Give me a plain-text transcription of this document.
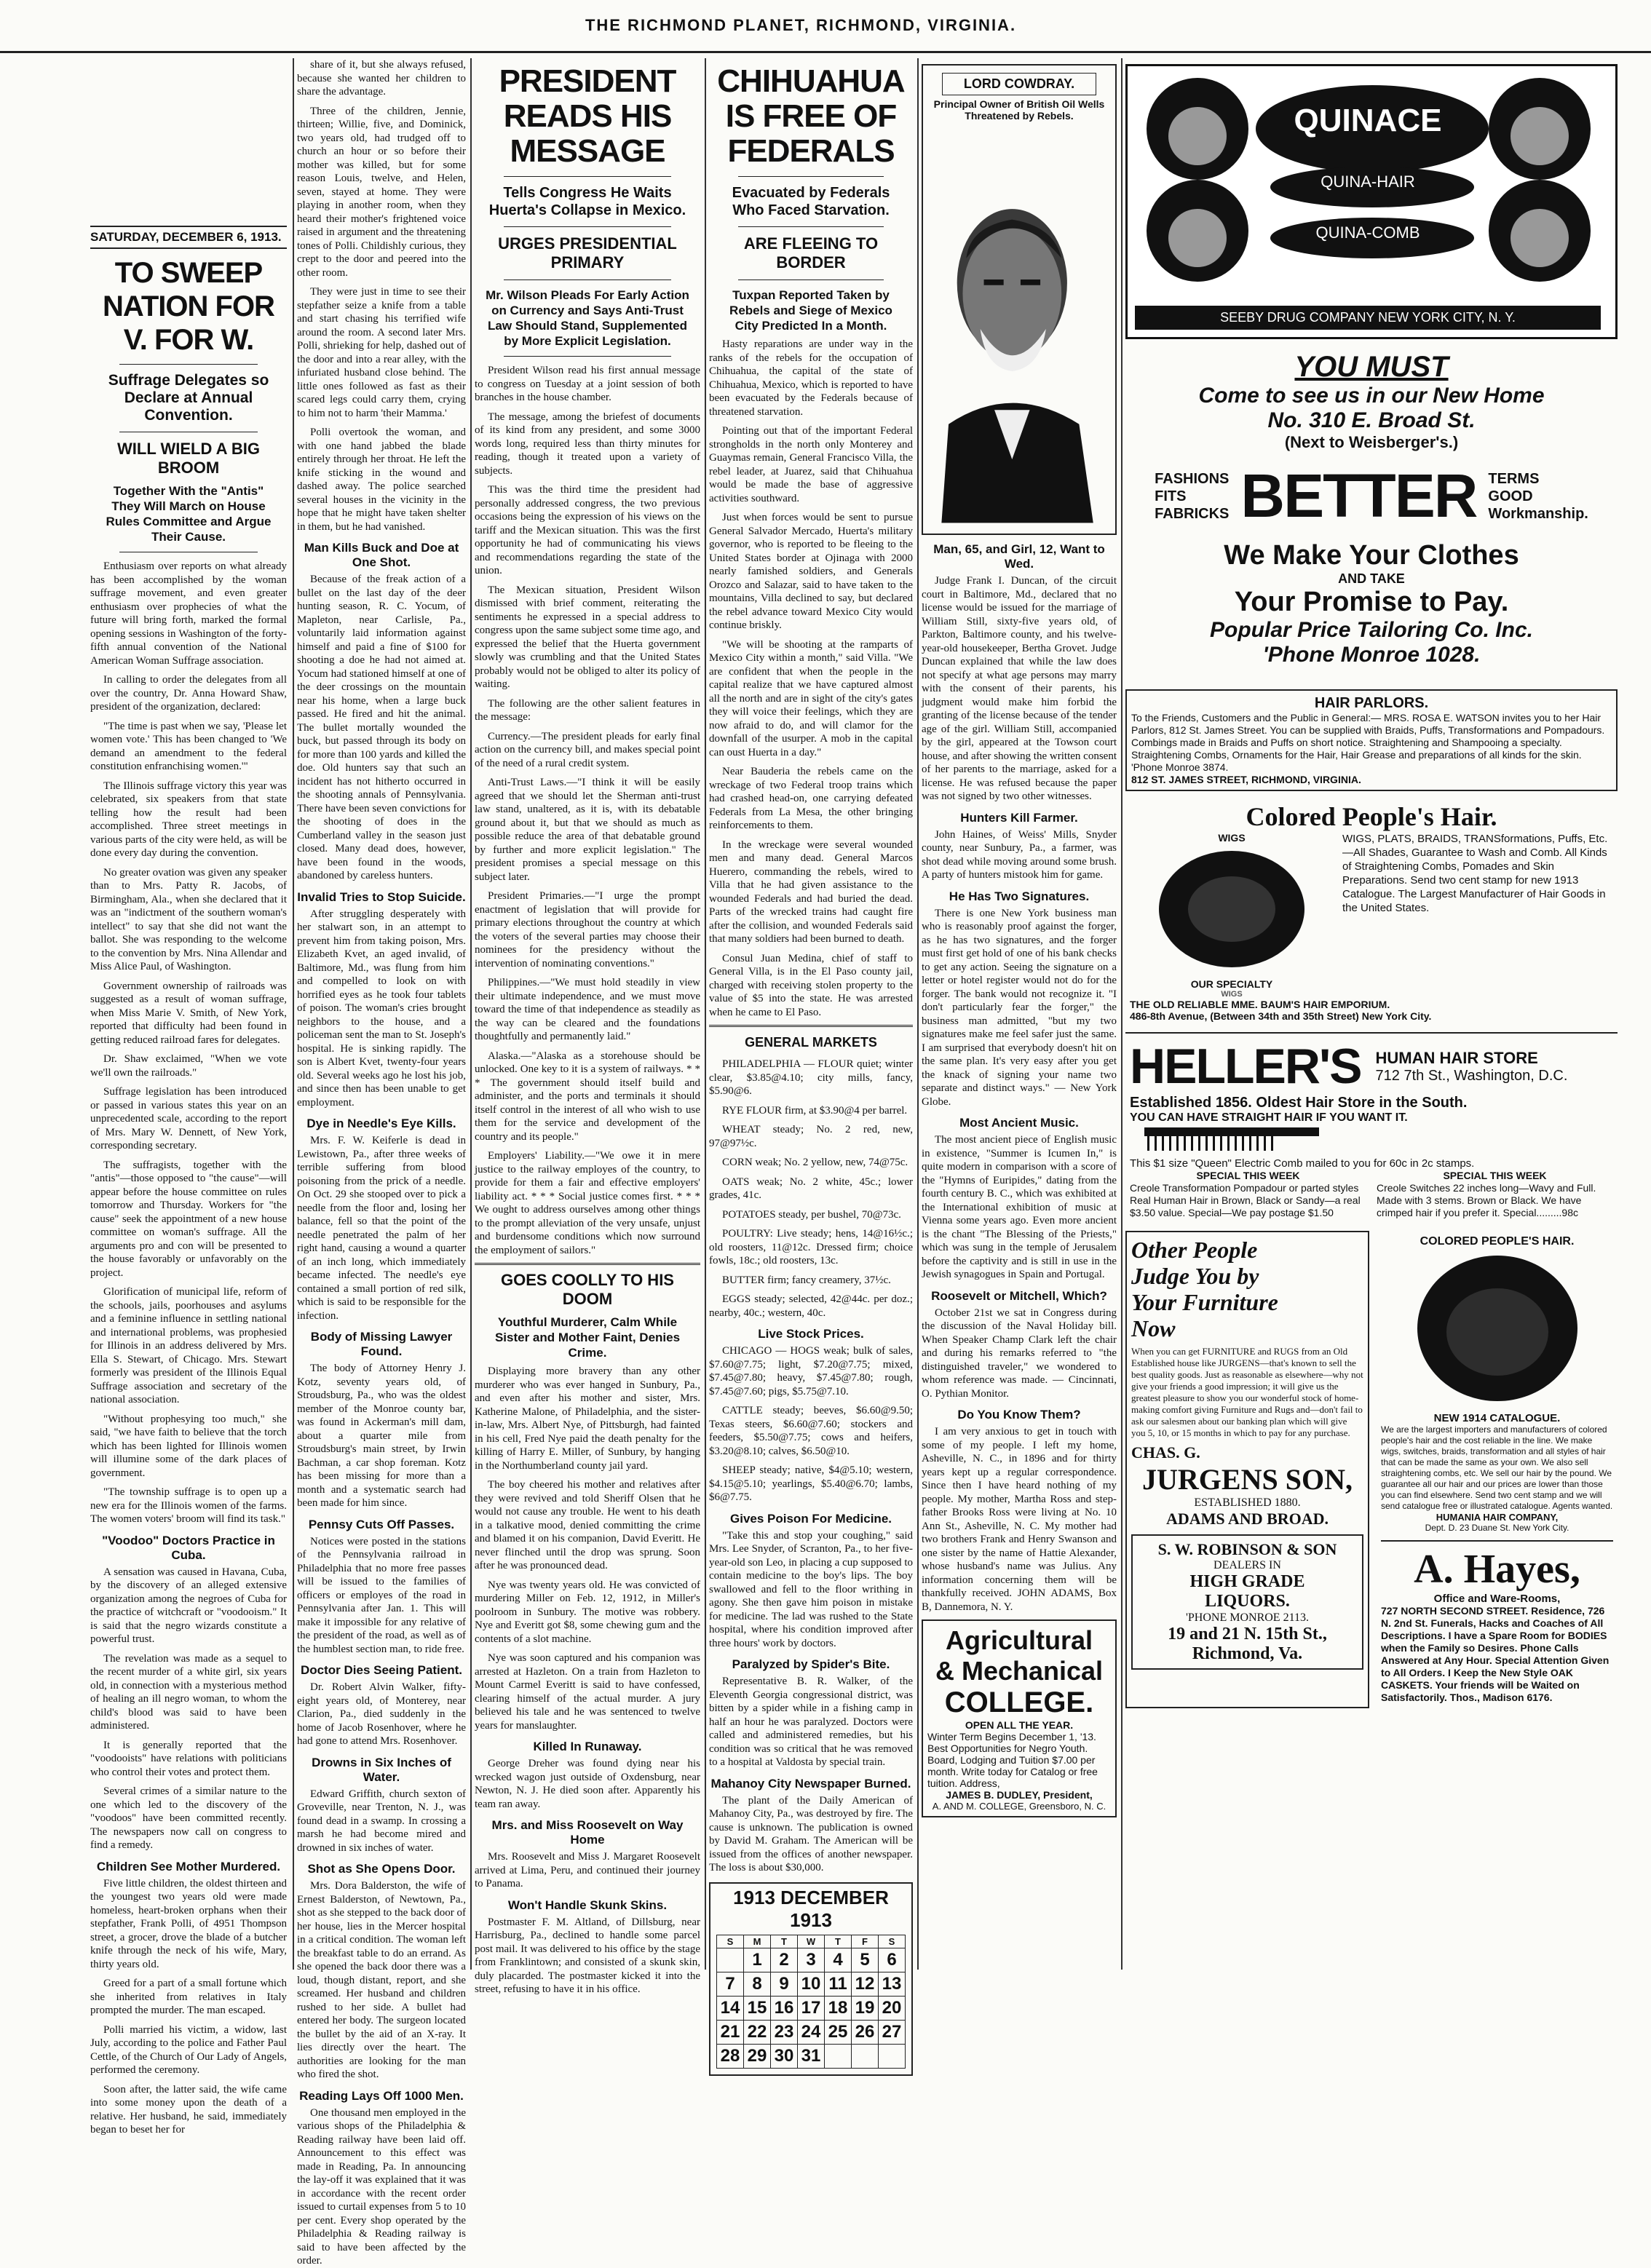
THE RICHMOND PLANET, RICHMOND, VIRGINIA.
SATURDAY, DECEMBER 6, 1913.
TO SWEEP NATION FOR V. FOR W.
Suffrage Delegates so Declare at Annual Convention.
WILL WIELD A BIG BROOM
Together With the "Antis" They Will March on House Rules Committee and Argue Their Cause.

Enthusiasm over reports on what already has been accomplished by the woman suffrage movement, and even greater enthusiasm over prophecies of what the future will bring forth, marked the formal opening sessions in Washington of the forty-fifth annual convention of the National American Woman Suffrage association.

In calling to order the delegates from all over the country, Dr. Anna Howard Shaw, president of the organization, declared:

"The time is past when we say, 'Please let women vote.' This has been changed to 'We demand an amendment to the federal constitution enfranchising women.'"

The Illinois suffrage victory this year was celebrated, six speakers from that state telling how the result had been accomplished. Three street meetings in various parts of the city were held, as will be done every day during the convention.

No greater ovation was given any speaker than to Mrs. Patty R. Jacobs, of Birmingham, Ala., when she declared that it was an "indictment of the southern woman's intellect" to say that she did not want the ballot. She was responding to the welcome to the convention by Mrs. Nina Allendar and Miss Alice Paul, of Washington.

Government ownership of railroads was suggested as a result of woman suffrage, when Miss Marie V. Smith, of New York, reported that difficulty had been found in getting reduced railroad fares for delegates.

Dr. Shaw exclaimed, "When we vote we'll own the railroads."

Suffrage legislation has been introduced or passed in various states this year on an unprecedented scale, according to the report of Mrs. Mary W. Dennett, of New York, corresponding secretary.

The suffragists, together with the "antis"—those opposed to "the cause"—will appear before the house committee on rules tomorrow and Thursday. Workers for "the cause" seek the appointment of a new house committee on woman's suffrage. All the arguments pro and con will be presented to the house favorably or unfavorably on the project.

Glorification of municipal life, reform of the schools, jails, poorhouses and asylums and a feminine influence in settling national and international problems, was prophesied for Illinois in an address delivered by Mrs. Ella S. Stewart, of Chicago. Mrs. Stewart formerly was president of the Illinois Equal Suffrage association and secretary of the national association.

"Without prophesying too much," she said, "we have faith to believe that the torch which has been lighted for Illinois women will illumine some of the dark places of government.

"The township suffrage is to open up a new era for the Illinois women of the farms. The women voters' broom will find its task."

"Voodoo" Doctors Practice in Cuba.

A sensation was caused in Havana, Cuba, by the discovery of an alleged extensive organization among the negroes of Cuba for the practice of witchcraft or "voodooism." It is said that the negro wizards constitute a powerful trust.

The revelation was made as a sequel to the recent murder of a white girl, six years old, in connection with a mysterious method of healing an ill negro woman, to whom the child's blood was said to have been administered.

It is generally reported that the "voodooists" have relations with politicians who control their votes and protect them.

Several crimes of a similar nature to the one which led to the discovery of the "voodoos" have been committed recently. The newspapers now call on congress to find a remedy.

Children See Mother Murdered.

Five little children, the oldest thirteen and the youngest two years old were made homeless, heart-broken orphans when their stepfather, Frank Polli, of 4951 Thompson street, a grocer, drove the blade of a butcher knife through the neck of his wife, Mary, thirty years old.

Greed for a part of a small fortune which she inherited from relatives in Italy prompted the murder. The man escaped.

Polli married his victim, a widow, last July, according to the police and Father Paul Cettle, of the Church of Our Lady of Angels, performed the ceremony.

Soon after, the latter said, the wife came into some money upon the death of a relative. Her husband, he said, immediately began to beset her for

share of it, but she always refused, because she wanted her children to share the advantage.

Three of the children, Jennie, thirteen; Willie, five, and Dominick, two years old, had trudged off to church an hour or so before their mother was killed, but for some reason Louis, twelve, and Helen, seven, stayed at home. They were playing in another room, when they heard their mother's frightened voice raised in argument and the threatening tones of Polli. Childishly curious, they crept to the door and peered into the other room.

They were just in time to see their stepfather seize a knife from a table and start chasing his terrified wife around the room. A second later Mrs. Polli, shrieking for help, dashed out of the door and into a rear alley, with the infuriated husband close behind. The little ones followed as fast as their scared legs could carry them, crying to him not to harm 'their Mamma.'

Polli overtook the woman, and with one hand jabbed the blade entirely through her throat. He left the knife sticking in the wound and dashed away. The police searched several houses in the vicinity in the hope that he might have taken shelter in them, but he had vanished.

Man Kills Buck and Doe at One Shot.

Because of the freak action of a bullet on the last day of the deer hunting season, R. C. Yocum, of Mapleton, near Carlisle, Pa., voluntarily laid information against himself and paid a fine of $100 for shooting a doe he had not aimed at. Yocum had stationed himself at one of the deer crossings on the mountain near his home, when a large buck passed. He fired and hit the animal. The bullet mortally wounded the buck, but passed through its body on for more than 100 yards and killed the doe. Old hunters say that such an incident has not hitherto occurred in the shooting annals of Pennsylvania. There have been seven convictions for the shooting of does in the Cumberland valley in the season just closed. Many dead does, however, have been found in the woods, abandoned by careless hunters.

Invalid Tries to Stop Suicide.

After struggling desperately with her stalwart son, in an attempt to prevent him from taking poison, Mrs. Elizabeth Kvet, an aged invalid, of Baltimore, Md., was flung from him and compelled to look on with horrified eyes as he took four tablets of poison. The woman's cries brought neighbors to the house, and a policeman sent the man to St. Joseph's hospital. He is sinking rapidly. The son is Albert Kvet, twenty-four years old. Several weeks ago he lost his job, and since then has been unable to get employment.

Dye in Needle's Eye Kills.

Mrs. F. W. Keiferle is dead in Lewistown, Pa., after three weeks of terrible suffering from blood poisoning from the prick of a needle. On Oct. 29 she stooped over to pick a needle from the floor and, losing her balance, fell so that the point of the needle penetrated the palm of her right hand, causing a wound a quarter of an inch long, which immediately became infected. The needle's eye contained a small portion of red silk, which is said to be responsible for the infection.

Body of Missing Lawyer Found.

The body of Attorney Henry J. Kotz, seventy years old, of Stroudsburg, Pa., who was the oldest member of the Monroe county bar, was found in Ackerman's mill dam, about a quarter mile from Stroudsburg's main street, by Irwin Bachman, a car shop foreman. Kotz has been missing for more than a month and a systematic search had been made for him since.

Pennsy Cuts Off Passes.

Notices were posted in the stations of the Pennsylvania railroad in Philadelphia that no more free passes will be issued to the families of officers or employes of the road in Pennsylvania after Jan. 1. This will make it impossible for any relative of the president of the road, as well as of the humblest section man, to ride free.

Doctor Dies Seeing Patient.

Dr. Robert Alvin Walker, fifty-eight years old, of Monterey, near Clarion, Pa., died suddenly in the home of Jacob Rosenhover, where he had gone to attend Mrs. Rosenhover.

Drowns in Six Inches of Water.

Edward Griffith, church sexton of Groveville, near Trenton, N. J., was found dead in a swamp. In crossing a marsh he had become mired and drowned in six inches of water.

Shot as She Opens Door.

Mrs. Dora Balderston, the wife of Ernest Balderston, of Newtown, Pa., shot as she stepped to the back door of her house, lies in the Mercer hospital in a critical condition. The woman left the breakfast table to do an errand. As she opened the back door there was a loud, though distant, report, and she screamed. Her husband and children rushed to her side. A bullet had entered her body. The surgeon located the bullet by the aid of an X-ray. It lies directly over the heart. The authorities are looking for the man who fired the shot.

Reading Lays Off 1000 Men.

One thousand men employed in the various shops of the Philadelphia & Reading railway have been laid off. Announcement to this effect was made in Reading, Pa. In announcing the lay-off it was explained that it was in accordance with the recent order issued to curtail expenses from 5 to 10 per cent. Every shop operated by the Philadelphia & Reading railway is said to have been affected by the order.

PRESIDENT READS HIS MESSAGE
Tells Congress He Waits Huerta's Collapse in Mexico.
URGES PRESIDENTIAL PRIMARY
Mr. Wilson Pleads For Early Action on Currency and Says Anti-Trust Law Should Stand, Supplemented by More Explicit Legislation.

President Wilson read his first annual message to congress on Tuesday at a joint session of both branches in the house chamber.

The message, among the briefest of documents of its kind from any president, and some 3000 words long, required less than thirty minutes for reading, though it treated upon a variety of subjects.

This was the third time the president had personally addressed congress, the two previous occasions being the expression of his views on the tariff and the Mexican situation. This was the first opportunity he had of communicating his views and recommendations regarding the state of the union.

The Mexican situation, President Wilson dismissed with brief comment, reiterating the sentiments he expressed in a special address to congress upon the same subject some time ago, and expressed the belief that the Huerta government slowly was crumbling and that the United States probably would not be obliged to alter its policy of waiting.

The following are the other salient features in the message:

Currency.—The president pleads for early final action on the currency bill, and makes special point of the need of a rural credit system.

Anti-Trust Laws.—"I think it will be easily agreed that we should let the Sherman anti-trust law stand, unaltered, as it is, with its debatable ground about it, but that we should as much as possible reduce the area of that debatable ground by further and more explicit legislation." The president promises a special message on this subject later.

President Primaries.—"I urge the prompt enactment of legislation that will provide for primary elections throughout the country at which the voters of the several parties may choose their nominees for the presidency without the intervention of nominating conventions."

Philippines.—"We must hold steadily in view their ultimate independence, and we must move toward the time of that independence as steadily as the way can be cleared and the foundations thoughtfully and permanently laid."

Alaska.—"Alaska as a storehouse should be unlocked. One key to it is a system of railways. * * * The government should itself build and administer, and the ports and terminals it should itself control in the interest of all who wish to use them for the service and development of the country and its people."

Employers' Liability.—"We owe it in mere justice to the railway employes of the country, to provide for them a fair and effective employers' liability act. * * * Social justice comes first. * * * We ought to address ourselves among other things to the prompt alleviation of the very unsafe, unjust and burdensome conditions which now surround the employment of sailors."

GOES COOLLY TO HIS DOOM
Youthful Murderer, Calm While Sister and Mother Faint, Denies Crime.

Displaying more bravery than any other murderer who was ever hanged in Sunbury, Pa., and even after his mother and sister, Mrs. Katherine Malone, of Philadelphia, and the sister-in-law, Mrs. Albert Nye, of Pittsburgh, had fainted in his cell, Fred Nye paid the death penalty for the killing of Harry E. Miller, of Sunbury, by hanging in the Northumberland county jail yard.

The boy cheered his mother and relatives after they were revived and told Sheriff Olsen that he would not cause any trouble. He went to his death in a talkative mood, denied committing the crime and blamed it on his companion, David Everitt. He never flinched until the drop was sprung. Soon after he was pronounced dead.

Nye was twenty years old. He was convicted of murdering Miller on Feb. 12, 1912, in Miller's poolroom in Sunbury. The motive was robbery. Nye and Everitt got $8, some chewing gum and the contents of a slot machine.

Nye was soon captured and his companion was arrested at Hazleton. On a train from Hazleton to Mount Carmel Everitt is said to have confessed, clearing himself of the actual murder. A jury believed his tale and he was sentenced to twelve years for manslaughter.

Killed In Runaway.

George Dreher was found dying near his wrecked wagon just outside of Oxdensburg, near Newton, N. J. He died soon after. Apparently his team ran away.

Mrs. and Miss Roosevelt on Way Home

Mrs. Roosevelt and Miss J. Margaret Roosevelt arrived at Lima, Peru, and continued their journey to Panama.

Won't Handle Skunk Skins.

Postmaster F. M. Altland, of Dillsburg, near Harrisburg, Pa., declined to handle some parcel post mail. It was delivered to his office by the stage from Franklintown; and consisted of a skunk skin, duly placarded. The postmaster kicked it into the street, refusing to have it in his office.

CHIHUAHUA IS FREE OF FEDERALS
Evacuated by Federals Who Faced Starvation.
ARE FLEEING TO BORDER
Tuxpan Reported Taken by Rebels and Siege of Mexico City Predicted In a Month.

Hasty reparations are under way in the ranks of the rebels for the occupation of Chihuahua, the capital of the state of Chihuahua, Mexico, which is reported to have been evacuated by the Federals because of threatened starvation.

Pointing out that of the important Federal strongholds in the north only Monterey and Guaymas remain, General Francisco Villa, the rebel leader, at Juarez, said that Chihuahua would be made the base of aggressive activities southward.

Just when forces would be sent to pursue General Salvador Mercado, Huerta's military governor, who is reported to be fleeing to the United States border at Ojinaga with 2000 nearly famished soldiers, and Generals Orozco and Salazar, said to have taken to the mountains, Villa declined to say, but declared the rebel advance toward Mexico City would continue briskly.

"We will be shooting at the ramparts of Mexico City within a month," said Villa. "We are confident that when the people in the capital realize that we have captured almost all the north and are in sight of the city's gates they will voice their feelings, which they are now afraid to do, and will clamor for the downfall of the usurper. A mob in the capital can oust Huerta in a day."

Near Bauderia the rebels came on the wreckage of two Federal troop trains which had crashed head-on, one carrying defeated Federals from La Mesa, the other bringing reinforcements to them.

In the wreckage were several wounded men and many dead. General Marcos Huerero, commanding the rebels, wired to Villa that he had given assistance to the wounded Federals and had buried the dead. Parts of the wrecked trains had caught fire after the collision, and wounded Federals said that many soldiers had been burned to death.

Consul Juan Medina, chief of staff to General Villa, is in the El Paso county jail, charged with receiving stolen property to the value of $5 into the state. He was arrested when he came to El Paso.

GENERAL MARKETS

PHILADELPHIA — FLOUR quiet; winter clear, $3.85@4.10; city mills, fancy, $5.90@6.

RYE FLOUR firm, at $3.90@4 per barrel.

WHEAT steady; No. 2 red, new, 97@97½c.

CORN weak; No. 2 yellow, new, 74@75c.

OATS weak; No. 2 white, 45c.; lower grades, 41c.

POTATOES steady, per bushel, 70@73c.

POULTRY: Live steady; hens, 14@16½c.; old roosters, 11@12c. Dressed firm; choice fowls, 18c.; old roosters, 13c.

BUTTER firm; fancy creamery, 37½c.

EGGS steady; selected, 42@44c. per doz.; nearby, 40c.; western, 40c.

Live Stock Prices.

CHICAGO — HOGS weak; bulk of sales, $7.60@7.75; light, $7.20@7.75; mixed, $7.45@7.80; heavy, $7.45@7.80; rough, $7.45@7.60; pigs, $5.75@7.10.

CATTLE steady; beeves, $6.60@9.50; Texas steers, $6.60@7.60; stockers and feeders, $5.50@7.75; cows and heifers, $3.20@8.10; calves, $6.50@10.

SHEEP steady; native, $4@5.10; western, $4.15@5.10; yearlings, $5.40@6.70; lambs, $6@7.75.

Gives Poison For Medicine.

"Take this and stop your coughing," said Mrs. Lee Snyder, of Scranton, Pa., to her five-year-old son Leo, in placing a cup supposed to contain medicine to the boy's lips. The boy swallowed and fell to the floor writhing in agony. She then gave him poison in mistake for medicine. The lad was rushed to the State hospital, where his condition improved after three hours' work by doctors.

Paralyzed by Spider's Bite.

Representative B. R. Walker, of the Eleventh Georgia congressional district, was bitten by a spider while in a fishing camp in half an hour he was paralyzed. Doctors were called and administered remedies, but his condition was so critical that he was removed to a hospital at Valdosta by special train.

Mahanoy City Newspaper Burned.

The plant of the Daily American of Mahanoy City, Pa., was destroyed by fire. The cause is unknown. The publication is owned by David M. Graham. The American will be issued from the offices of another newspaper. The loss is about $30,000.

1913 DECEMBER 1913
S	M	T	W	T	F	S
	1	2	3	4	5	6
7	8	9	10	11	12	13
14	15	16	17	18	19	20
21	22	23	24	25	26	27
28	29	30	31			
LORD COWDRAY.
Principal Owner of British Oil Wells Threatened by Rebels.
Man, 65, and Girl, 12, Want to Wed.

Judge Frank I. Duncan, of the circuit court in Baltimore, Md., declared that no license would be issued for the marriage of William Still, sixty-five years old, of Parkton, Baltimore county, and his twelve-year-old housekeeper, Bertha Grovet. Judge Duncan explained that while the law does not specify at what age persons may marry with the consent of their parents, his judgment would make him forbid the granting of the license because of the tender age of the girl. William Still, accompanied by the girl, appeared at the Towson court house, and after showing the written consent of her parents to the marriage, asked for a license. He was refused because the paper was not signed by two other witnesses.

Hunters Kill Farmer.

John Haines, of Weiss' Mills, Snyder county, near Sunbury, Pa., a farmer, was shot dead while moving around some brush. A party of hunters mistook him for game.

He Has Two Signatures.

There is one New York business man who is reasonably proof against the forger, as he has two signatures, and the forger must first get hold of one of his bank checks to get any action. Seeing the signature on a letter or hotel register would not do for the forger. The bank would not recognize it. "I don't particularly fear the forger," the business man admitted, "but my two signatures make me feel safer just the same. I am surprised that everybody doesn't hit on the same plan. It's very easy after you get the knack of signing your name two separate and distinct ways." — New York Globe.

Most Ancient Music.

The most ancient piece of English music in existence, "Summer is Icumen In," is quite modern in comparison with a score of the "Hymns of Euripides," dating from the fourth century B. C., which was exhibited at the International exhibition of music at Vienna some years ago. Even more ancient is the chant "The Blessing of the Priests," which was sung in the temple of Jerusalem before the captivity and is still in use in the Jewish synagogues in Spain and Portugal.

Roosevelt or Mitchell, Which?

October 21st we sat in Congress during the discussion of the Naval Holiday bill. When Speaker Champ Clark left the chair and during his remarks referred to "the distinguished traveler," we wondered to whom reference was made. — Cincinnati, O. Pythian Monitor.

Do You Know Them?

I am very anxious to get in touch with some of my people. I left my home, Asheville, N. C., in 1896 and for thirty years kept up a regular correspondence. Since then I have heard nothing of my people. My mother, Martha Ross and step-father Brooks Ross were living at No. 10 Ann St., Asheville, N. C. My mother had two brothers Frank and Henry Swanson and one sister by the name of Hattie Alexander, whose husband's name was Julius. Any information concerning them will be thankfully received. JOHN ADAMS, Box B, Dannemora, N. Y.

Agricultural
& Mechanical
COLLEGE.
OPEN ALL THE YEAR.
Winter Term Begins December 1, '13. Best Opportunities for Negro Youth. Board, Lodging and Tuition $7.00 per month. Write today for Catalog or free tuition. Address,
JAMES B. DUDLEY, President,
A. AND M. COLLEGE, Greensboro, N. C.
QUINACE
QUINA-HAIR
QUINA-COMB
SEEBY DRUG COMPANY NEW YORK CITY, N. Y.
YOU MUST
Come to see us in our New Home
No. 310 E. Broad St.
(Next to Weisberger's.)
FASHIONS
FITS
FABRICKS BETTER TERMS
GOOD
Workmanship.
We Make Your Clothes
AND TAKE
Your Promise to Pay.
Popular Price Tailoring Co. Inc.
'Phone Monroe 1028.
HAIR PARLORS.
To the Friends, Customers and the Public in General:— MRS. ROSA E. WATSON invites you to her Hair Parlors, 812 St. James Street. You can be supplied with Braids, Puffs, Transformations and Pompadours. Combings made in Braids and Puffs on short notice. Straightening and Shampooing a specialty. Straightening Combs, Ornaments for the Hair, Hair Grease and preparations of all kinds for the skin. 'Phone Monroe 3874.
812 ST. JAMES STREET, RICHMOND, VIRGINIA.
Colored People's Hair.
WIGS
OUR SPECIALTY
WIGS
WIGS, PLATS, BRAIDS, TRANSformations, Puffs, Etc.—All Shades, Guarantee to Wash and Comb. All Kinds of Straightening Combs, Pomades and Skin Preparations. Send two cent stamp for new 1913 Catalogue. The Largest Manufacturer of Hair Goods in the United States.
THE OLD RELIABLE MME. BAUM'S HAIR EMPORIUM.
486-8th Avenue, (Between 34th and 35th Street) New York City.
HELLER'S HUMAN HAIR STORE
712 7th St., Washington, D.C.
Established 1856. Oldest Hair Store in the South.
YOU CAN HAVE STRAIGHT HAIR IF YOU WANT IT.
This $1 size "Queen" Electric Comb mailed to you for 60c in 2c stamps.
SPECIAL THIS WEEK
Creole Transformation Pompadour or parted styles Real Human Hair in Brown, Black or Sandy—a real $3.50 value. Special—We pay postage $1.50
SPECIAL THIS WEEK
Creole Switches 22 inches long—Wavy and Full. Made with 3 stems. Brown or Black. We have crimped hair if you prefer it. Special.........98c
Other People
Judge You by
Your Furniture
Now
When you can get FURNITURE and RUGS from an Old Established house like JURGENS—that's known to sell the best quality goods. Just as reasonable as elsewhere—why not give your friends a good impression; it will give us the greatest pleasure to show you our wonderful stock of home-making comfort giving Furniture and Rugs and—don't fail to ask our salesmen about our banking plan which will give you 5, 10, or 15 months in which to pay for any purchase.
CHAS. G.
JURGENS SON,
ESTABLISHED 1880.
ADAMS AND BROAD.
S. W. ROBINSON & SON
DEALERS IN
HIGH GRADE
LIQUORS.
'PHONE MONROE 2113.
19 and 21 N. 15th St.,
Richmond, Va.
COLORED PEOPLE'S HAIR.
NEW 1914 CATALOGUE.
We are the largest importers and manufacturers of colored people's hair and the cost reliable in the line. We make wigs, switches, braids, transformation and all styles of hair that can be made the same as your own. We also sell straightening combs, etc. We sell our hair by the pound. We guarantee all our hair and our prices are lower than those you can find elsewhere. Send two cent stamp and we will send catalogue free or illustrated catalogue. Agents wanted.
HUMANIA HAIR COMPANY,
Dept. D. 23 Duane St. New York City.
A. Hayes,
Office and Ware-Rooms,
727 NORTH SECOND STREET. Residence, 726 N. 2nd St. Funerals, Hacks and Coaches of All Descriptions. I have a Spare Room for BODIES when the Family so Desires. Phone Calls Answered at Any Hour. Special Attention Given to All Orders. I Keep the New Style OAK CASKETS. Your friends will be Waited on Satisfactorily. Thos., Madison 6176.
